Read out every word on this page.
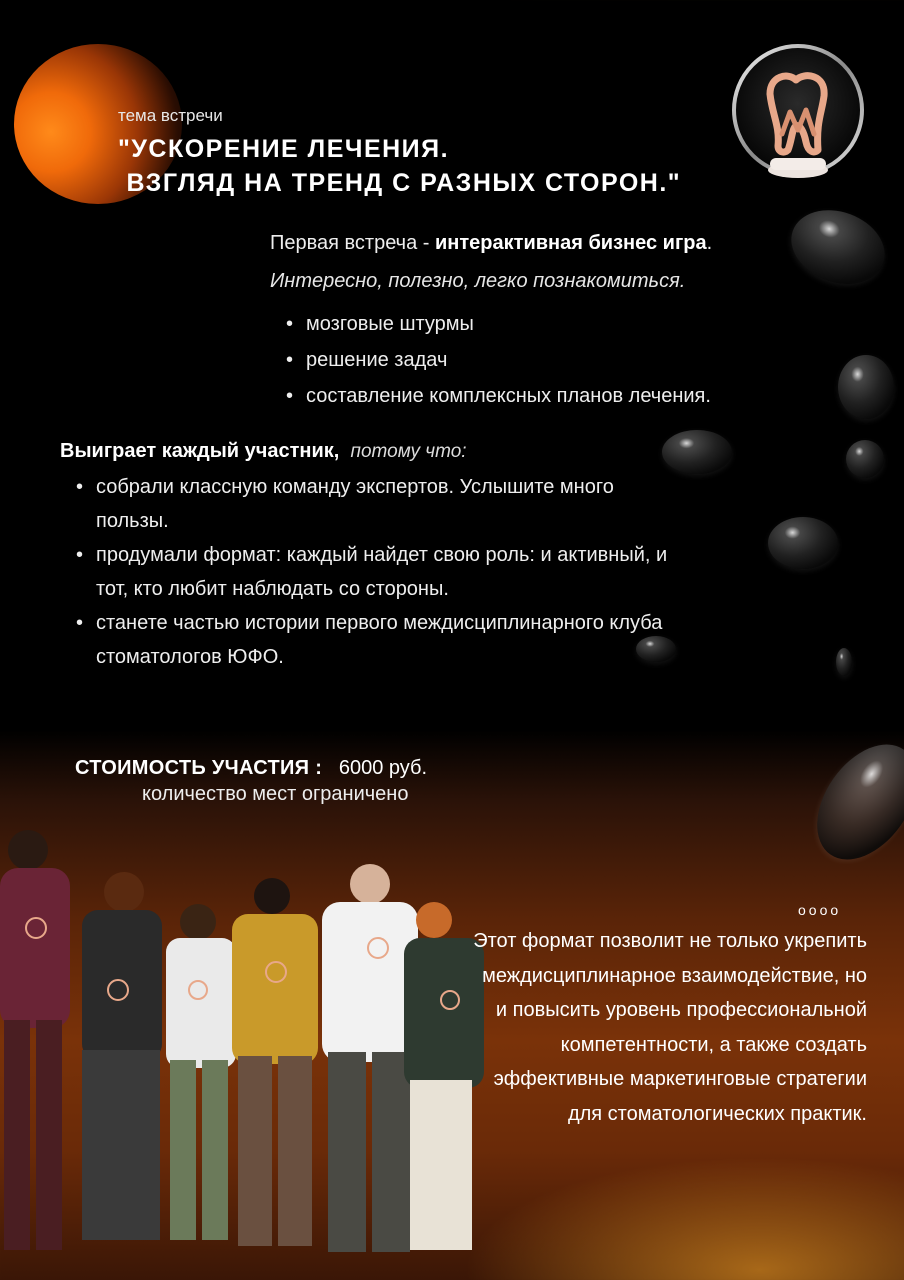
тема встречи
"УСКОРЕНИЕ ЛЕЧЕНИЯ.
ВЗГЛЯД НА ТРЕНД С РАЗНЫХ СТОРОН."
Первая встреча - интерактивная бизнес игра.
Интересно, полезно, легко познакомиться.
• мозговые штурмы
• решение задач
• составление комплексных планов лечения.
Выиграет каждый участник, потому что:
• собрали классную команду экспертов. Услышите много пользы.
• продумали формат: каждый найдет свою роль: и активный, и тот, кто любит наблюдать со стороны.
• станете частью истории первого междисциплинарного клуба стоматологов ЮФО.
СТОИМОСТЬ УЧАСТИЯ : 6000 руб.
количество мест ограничено
oooo
Этот формат позволит не только укрепить междисциплинарное взаимодействие, но и повысить уровень профессиональной компетентности, а также создать эффективные маркетинговые стратегии для стоматологических практик.
